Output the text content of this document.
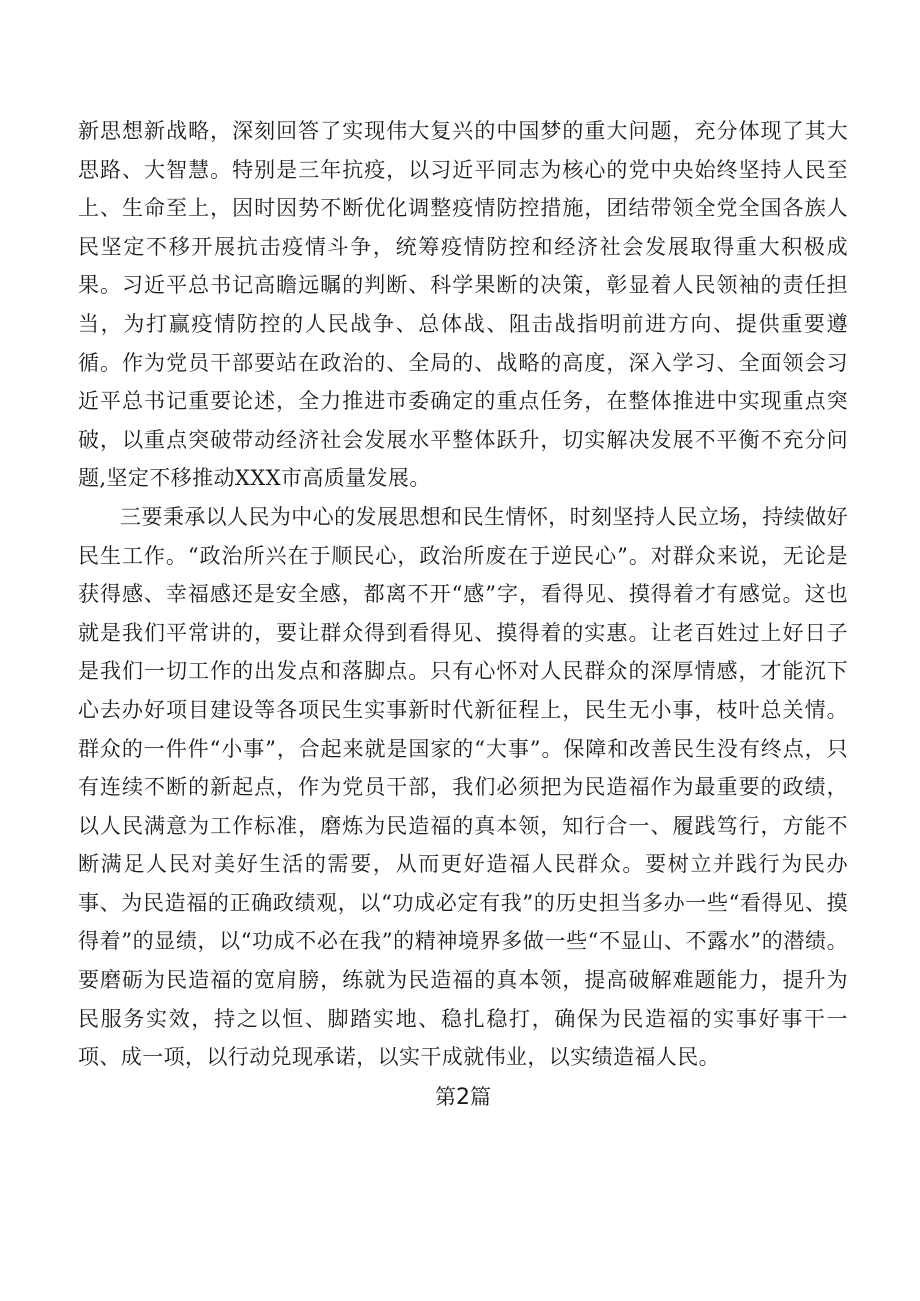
新思想新战略，深刻回答了实现伟大复兴的中国梦的重大问题，充分体现了其大思路、大智慧。特别是三年抗疫，以习近平同志为核心的党中央始终坚持人民至上、生命至上，因时因势不断优化调整疫情防控措施，团结带领全党全国各族人民坚定不移开展抗击疫情斗争，统筹疫情防控和经济社会发展取得重大积极成果。习近平总书记高瞻远瞩的判断、科学果断的决策，彰显着人民领袖的责任担当，为打赢疫情防控的人民战争、总体战、阻击战指明前进方向、提供重要遵循。作为党员干部要站在政治的、全局的、战略的高度，深入学习、全面领会习近平总书记重要论述，全力推进市委确定的重点任务，在整体推进中实现重点突破，以重点突破带动经济社会发展水平整体跃升，切实解决发展不平衡不充分问题,坚定不移推动XXX市高质量发展。

三要秉承以人民为中心的发展思想和民生情怀，时刻坚持人民立场，持续做好民生工作。“政治所兴在于顺民心，政治所废在于逆民心”。对群众来说，无论是获得感、幸福感还是安全感，都离不开“感”字，看得见、摸得着才有感觉。这也就是我们平常讲的，要让群众得到看得见、摸得着的实惠。让老百姓过上好日子是我们一切工作的出发点和落脚点。只有心怀对人民群众的深厚情感，才能沉下心去办好项目建设等各项民生实事新时代新征程上，民生无小事，枝叶总关情。群众的一件件“小事”，合起来就是国家的“大事”。保障和改善民生没有终点，只有连续不断的新起点，作为党员干部，我们必须把为民造福作为最重要的政绩，以人民满意为工作标准，磨炼为民造福的真本领，知行合一、履践笃行，方能不断满足人民对美好生活的需要，从而更好造福人民群众。要树立并践行为民办事、为民造福的正确政绩观，以“功成必定有我”的历史担当多办一些“看得见、摸得着”的显绩，以“功成不必在我”的精神境界多做一些“不显山、不露水”的潜绩。要磨砺为民造福的宽肩膀，练就为民造福的真本领，提高破解难题能力，提升为民服务实效，持之以恒、脚踏实地、稳扎稳打，确保为民造福的实事好事干一项、成一项，以行动兑现承诺，以实干成就伟业，以实绩造福人民。

第2篇
